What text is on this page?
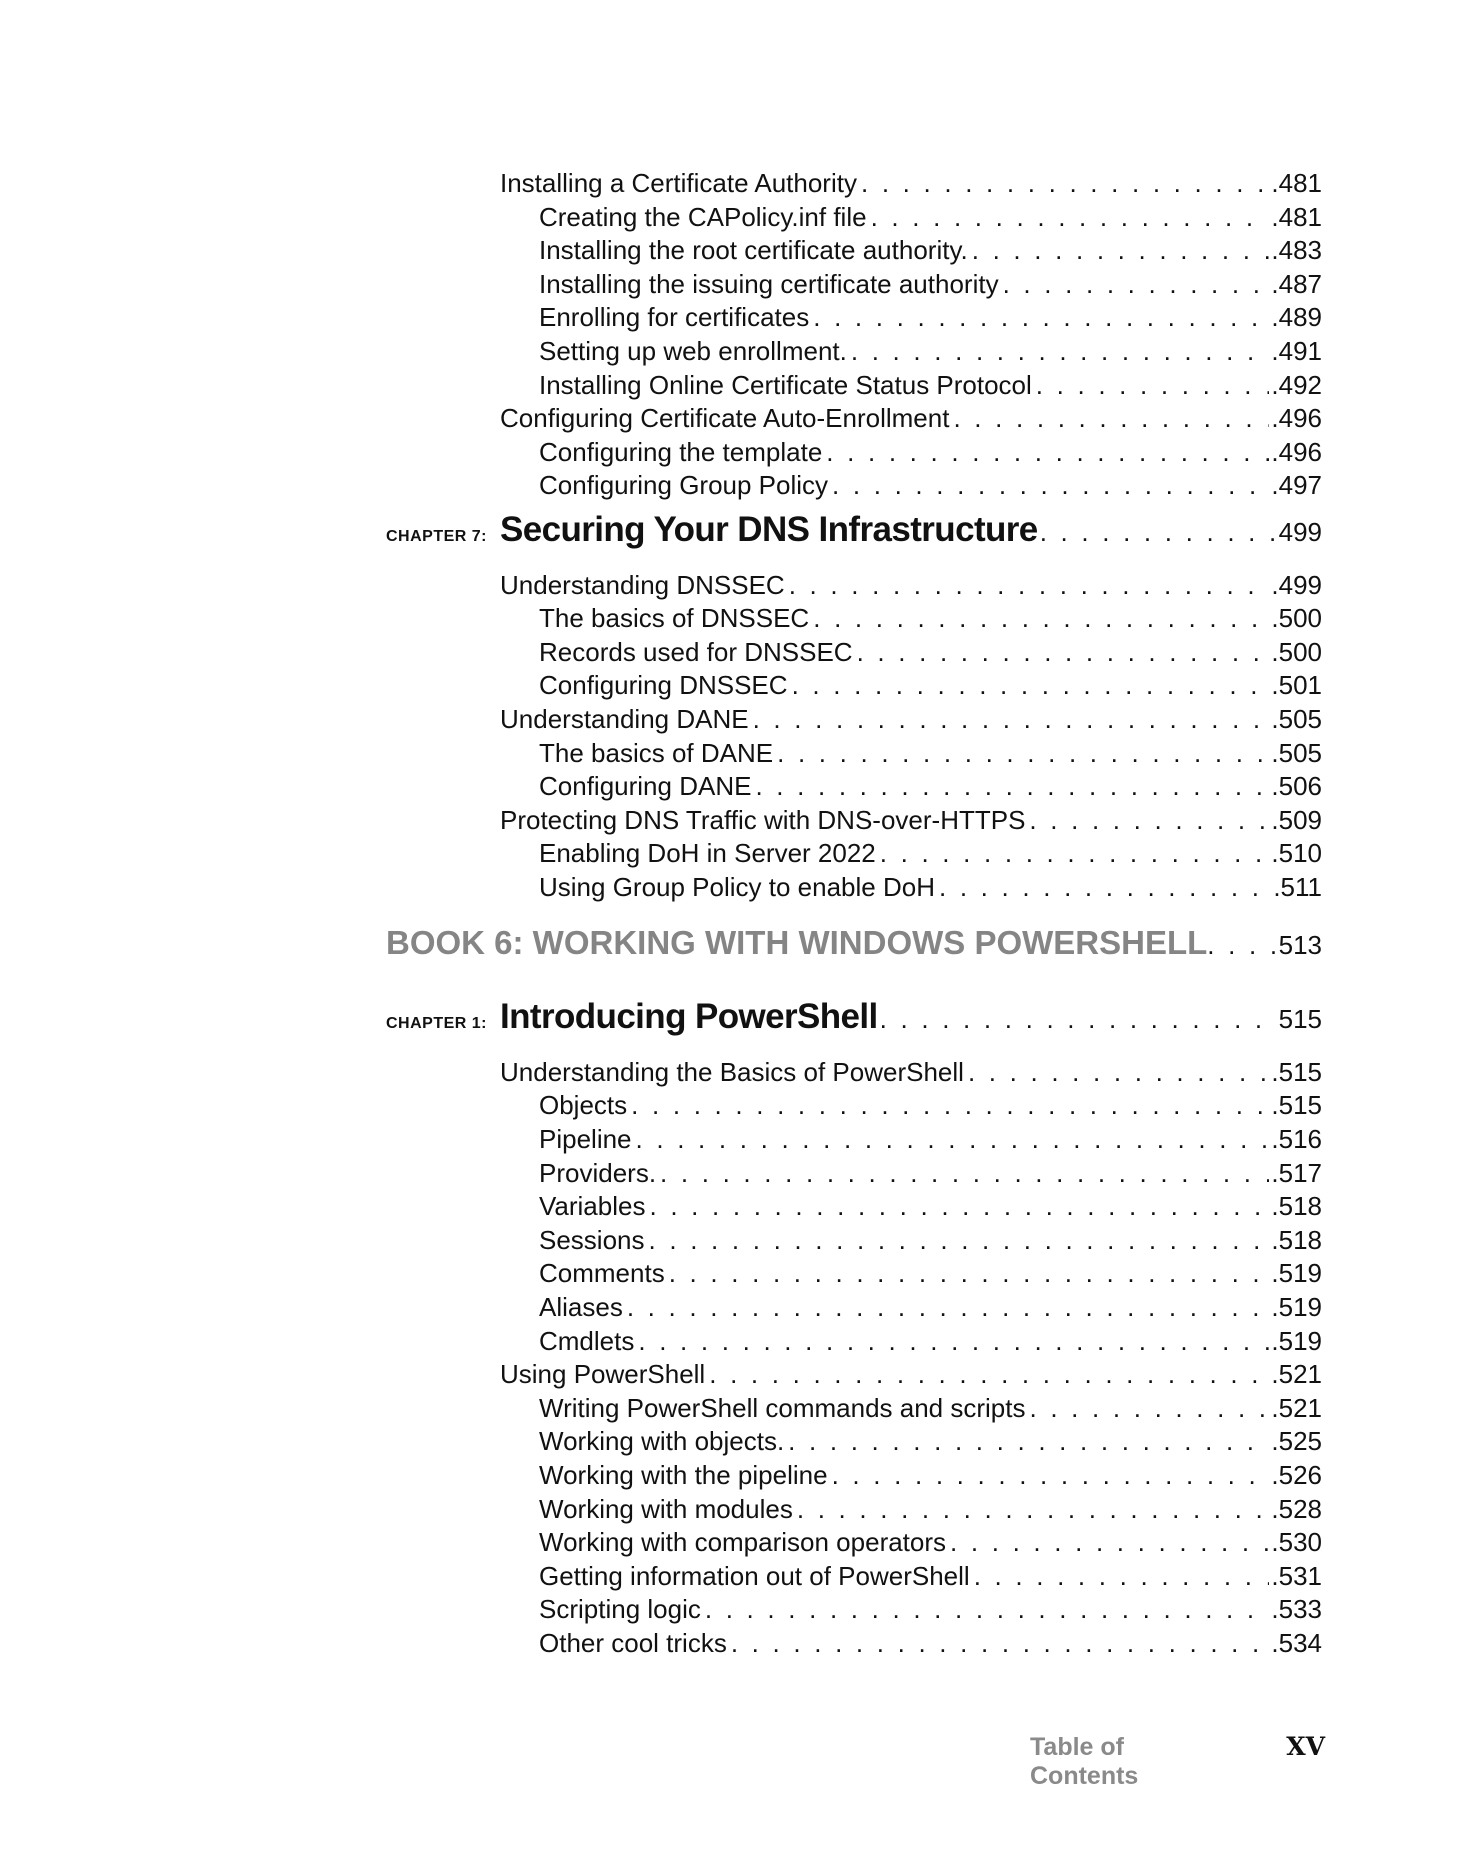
Installing a Certificate Authority . . .	.481
Creating the CAPolicy.inf file . . .	.481
Installing the root certificate authority. . . .	.483
Installing the issuing certificate authority . . .	.487
Enrolling for certificates . . .	.489
Setting up web enrollment. . . .	.491
Installing Online Certificate Status Protocol . . .	.492
Configuring Certificate Auto-Enrollment . . .	.496
Configuring the template . . .	.496
Configuring Group Policy . . .	.497
CHAPTER 7: Securing Your DNS Infrastructure . . .	499
Understanding DNSSEC . . .	.499
The basics of DNSSEC . . .	.500
Records used for DNSSEC . . .	.500
Configuring DNSSEC . . .	.501
Understanding DANE . . .	.505
The basics of DANE . . .	.505
Configuring DANE . . .	.506
Protecting DNS Traffic with DNS-over-HTTPS . . .	.509
Enabling DoH in Server 2022 . . .	.510
Using Group Policy to enable DoH . . .	.511
BOOK 6: WORKING WITH WINDOWS POWERSHELL . . .	513
CHAPTER 1: Introducing PowerShell . . .	515
Understanding the Basics of PowerShell . . .	.515
Objects . . .	.515
Pipeline . . .	.516
Providers. . . .	.517
Variables . . .	.518
Sessions . . .	.518
Comments . . .	.519
Aliases . . .	.519
Cmdlets . . .	.519
Using PowerShell . . .	.521
Writing PowerShell commands and scripts . . .	.521
Working with objects. . . .	.525
Working with the pipeline . . .	.526
Working with modules . . .	.528
Working with comparison operators . . .	.530
Getting information out of PowerShell . . .	.531
Scripting logic . . .	.533
Other cool tricks . . .	.534
Table of Contents
XV
